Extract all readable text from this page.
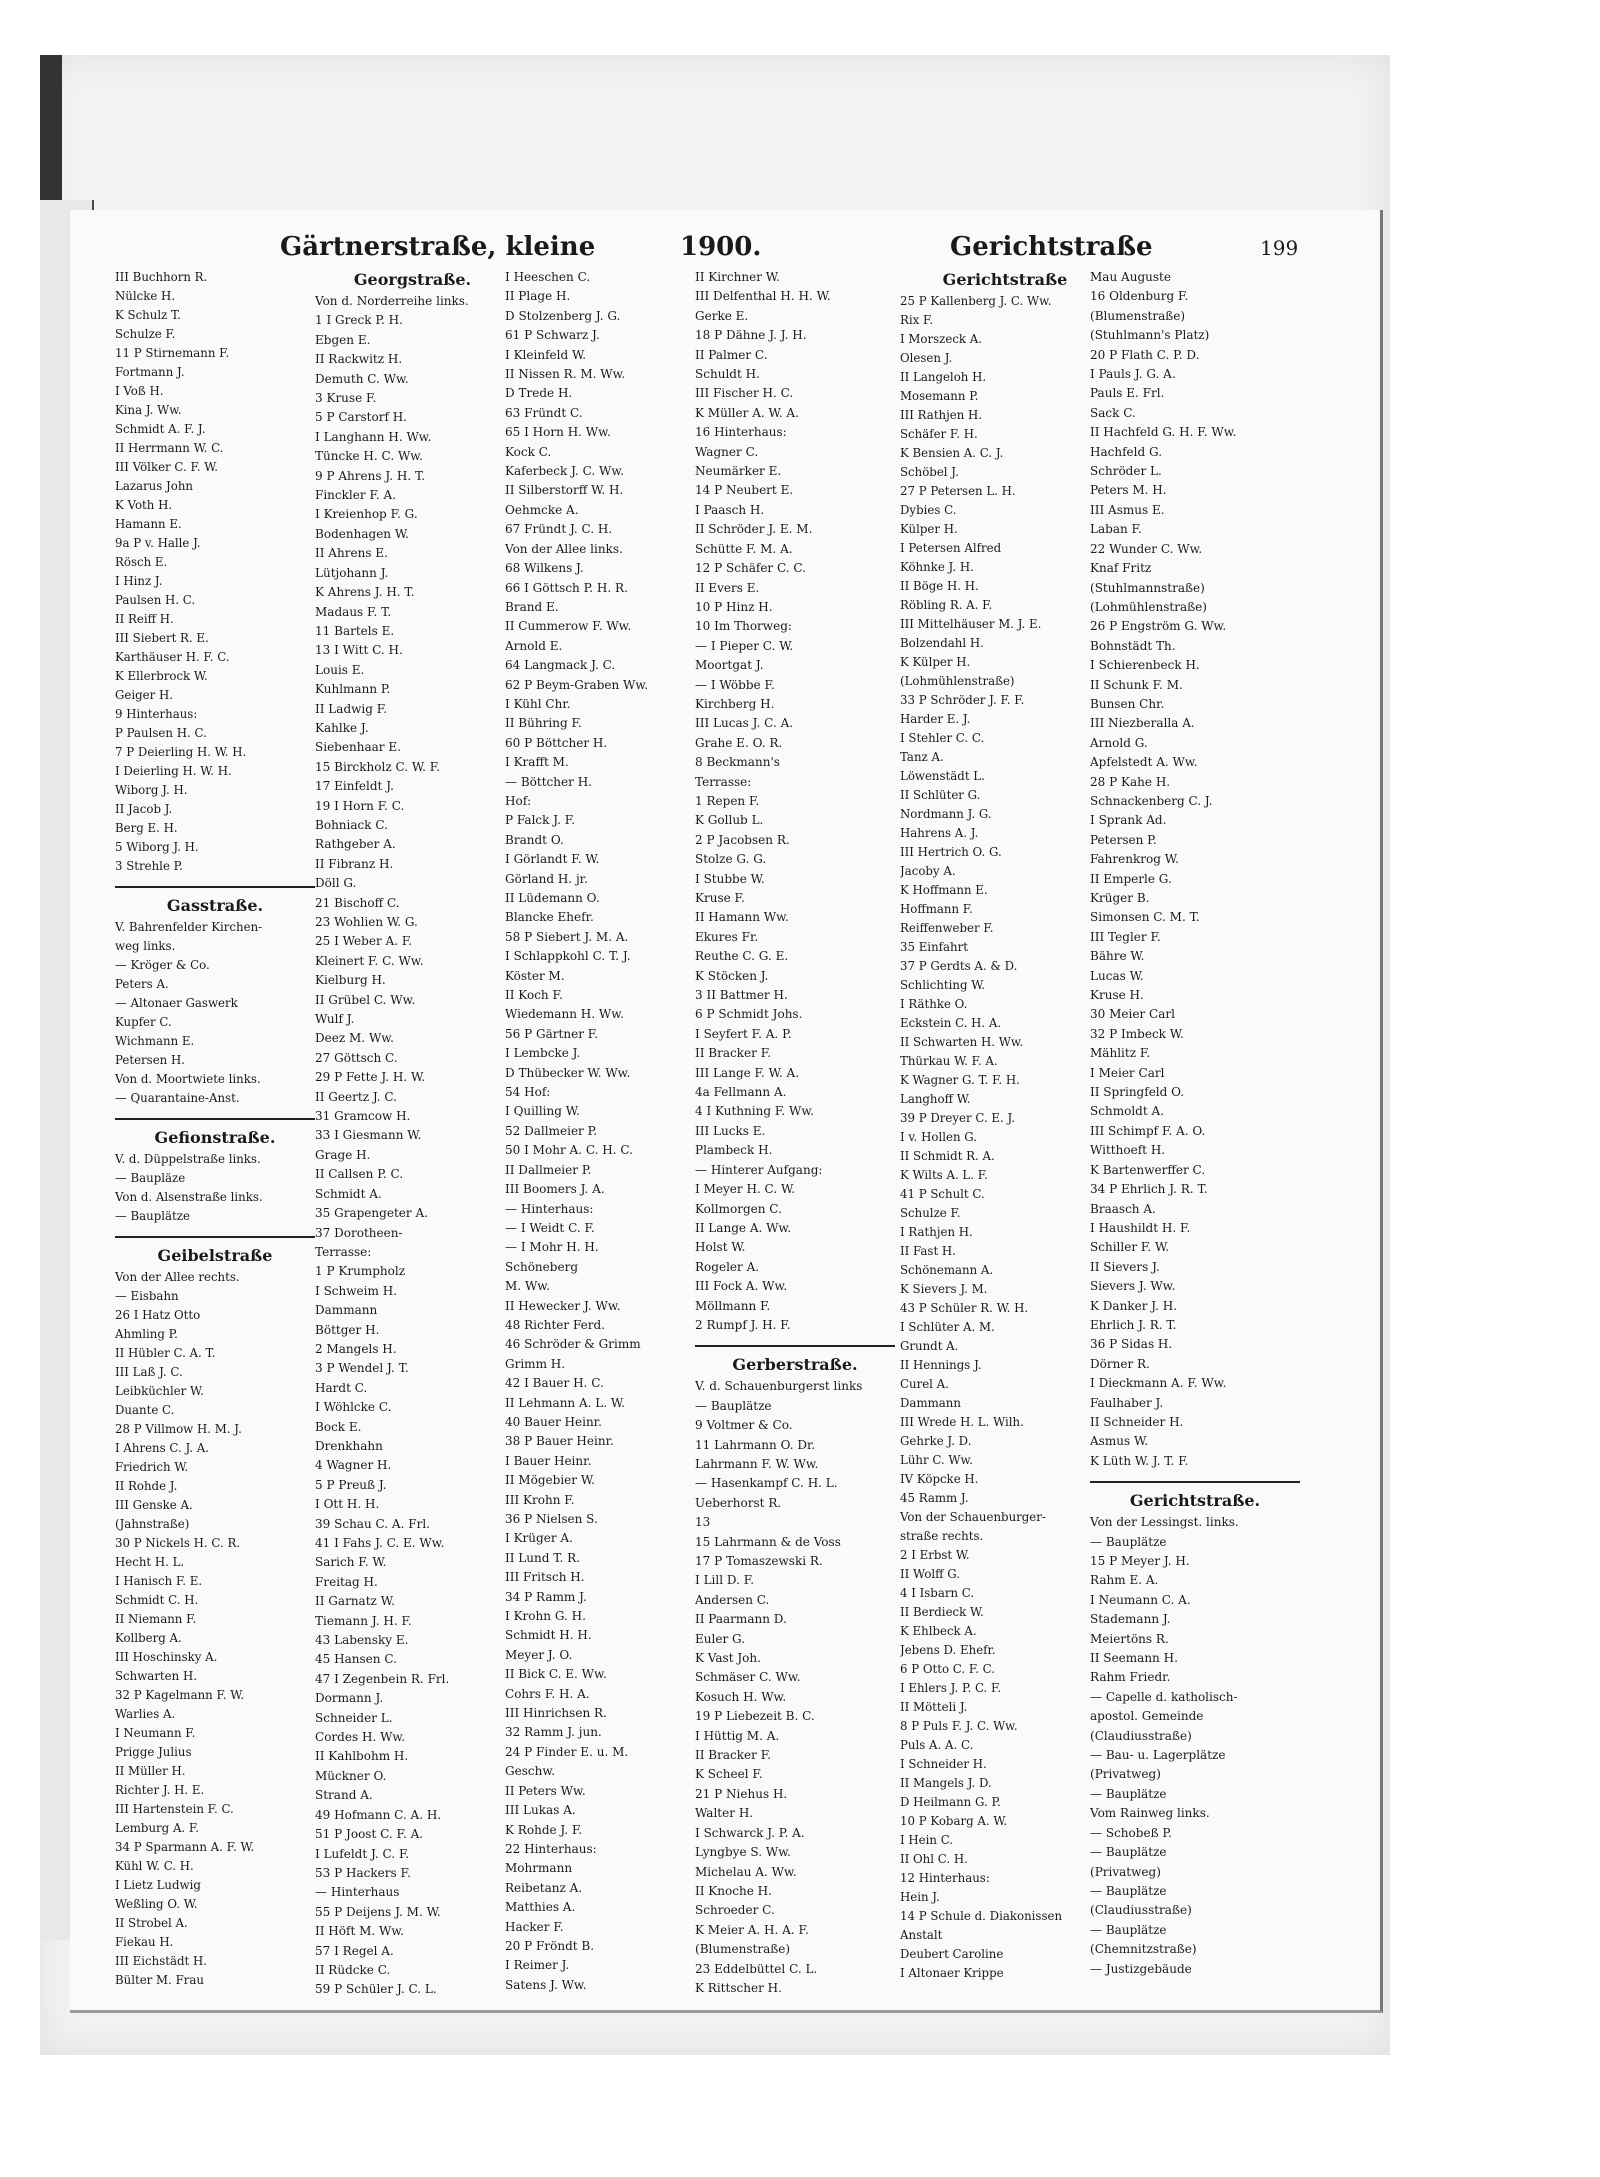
Gärtnerstraße, kleine	1900.	Gerichtstraße	199
III Buchhorn R.
Nülcke H.
K Schulz T.
Schulze F.
11 P Stirnemann F.
Fortmann J.
I Voß H.
Kina J. Ww.
Schmidt A. F. J.
II Herrmann W. C.
III Völker C. F. W.
Lazarus John
K Voth H.
Hamann E.
9a P v. Halle J.
Rösch E.
I Hinz J.
Paulsen H. C.
II Reiff H.
III Siebert R. E.
Karthäuser H. F. C.
K Ellerbrock W.
Geiger H.
9 Hinterhaus:
P Paulsen H. C.
7 P Deierling H. W. H.
I Deierling H. W. H.
Wiborg J. H.
II Jacob J.
Berg E. H.
5 Wiborg J. H.
3 Strehle P.
Gasstraße.
V. Bahrenfelder Kirchen-
weg links.
— Kröger & Co.
Peters A.
— Altonaer Gaswerk
Kupfer C.
Wichmann E.
Petersen H.
Von d. Moortwiete links.
— Quarantaine-Anst.
Gefionstraße.
V. d. Düppelstraße links.
— Baupläze
Von d. Alsenstraße links.
— Bauplätze
Geibelstraße
Von der Allee rechts.
— Eisbahn
26 I Hatz Otto
Ahmling P.
II Hübler C. A. T.
III Laß J. C.
Leibküchler W.
Duante C.
28 P Villmow H. M. J.
I Ahrens C. J. A.
Friedrich W.
II Rohde J.
III Genske A.
(Jahnstraße)
30 P Nickels H. C. R.
Hecht H. L.
I Hanisch F. E.
Schmidt C. H.
II Niemann F.
Kollberg A.
III Hoschinsky A.
Schwarten H.
32 P Kagelmann F. W.
Warlies A.
I Neumann F.
Prigge Julius
II Müller H.
Richter J. H. E.
III Hartenstein F. C.
Lemburg A. F.
34 P Sparmann A. F. W.
Kühl W. C. H.
I Lietz Ludwig
Weßling O. W.
II Strobel A.
Fiekau H.
III Eichstädt H.
Bülter M. Frau
Georgstraße.
Von d. Norderreihe links.
1 I Greck P. H.
Ebgen E.
II Rackwitz H.
Demuth C. Ww.
3 Kruse F.
5 P Carstorf H.
I Langhann H. Ww.
Tüncke H. C. Ww.
9 P Ahrens J. H. T.
Finckler F. A.
I Kreienhop F. G.
Bodenhagen W.
II Ahrens E.
Lütjohann J.
K Ahrens J. H. T.
Madaus F. T.
11 Bartels E.
13 I Witt C. H.
Louis E.
Kuhlmann P.
II Ladwig F.
Kahlke J.
Siebenhaar E.
15 Birckholz C. W. F.
17 Einfeldt J.
19 I Horn F. C.
Bohniack C.
Rathgeber A.
II Fibranz H.
Döll G.
21 Bischoff C.
23 Wohlien W. G.
25 I Weber A. F.
Kleinert F. C. Ww.
Kielburg H.
II Grübel C. Ww.
Wulf J.
Deez M. Ww.
27 Göttsch C.
29 P Fette J. H. W.
II Geertz J. C.
31 Gramcow H.
33 I Giesmann W.
Grage H.
II Callsen P. C.
Schmidt A.
35 Grapengeter A.
37 Dorotheen-
Terrasse:
1 P Krumpholz
I Schweim H.
Dammann
Böttger H.
2 Mangels H.
3 P Wendel J. T.
Hardt C.
I Wöhlcke C.
Bock E.
Drenkhahn
4 Wagner H.
5 P Preuß J.
I Ott H. H.
39 Schau C. A. Frl.
41 I Fahs J. C. E. Ww.
Sarich F. W.
Freitag H.
II Garnatz W.
Tiemann J. H. F.
43 Labensky E.
45 Hansen C.
47 I Zegenbein R. Frl.
Dormann J.
Schneider L.
Cordes H. Ww.
II Kahlbohm H.
Mückner O.
Strand A.
49 Hofmann C. A. H.
51 P Joost C. F. A.
I Lufeldt J. C. F.
53 P Hackers F.
— Hinterhaus
55 P Deijens J. M. W.
II Höft M. Ww.
57 I Regel A.
II Rüdcke C.
59 P Schüler J. C. L.
I Heeschen C.
II Plage H.
D Stolzenberg J. G.
61 P Schwarz J.
I Kleinfeld W.
II Nissen R. M. Ww.
D Trede H.
63 Fründt C.
65 I Horn H. Ww.
Kock C.
Kaferbeck J. C. Ww.
II Silberstorff W. H.
Oehmcke A.
67 Fründt J. C. H.
Von der Allee links.
68 Wilkens J.
66 I Göttsch P. H. R.
Brand E.
II Cummerow F. Ww.
Arnold E.
64 Langmack J. C.
62 P Beym-Graben Ww.
I Kühl Chr.
II Bühring F.
60 P Böttcher H.
I Krafft M.
— Böttcher H.
Hof:
P Falck J. F.
Brandt O.
I Görlandt F. W.
Görland H. jr.
II Lüdemann O.
Blancke Ehefr.
58 P Siebert J. M. A.
I Schlappkohl C. T. J.
Köster M.
II Koch F.
Wiedemann H. Ww.
56 P Gärtner F.
I Lembcke J.
D Thübecker W. Ww.
54 Hof:
I Quilling W.
52 Dallmeier P.
50 I Mohr A. C. H. C.
II Dallmeier P.
III Boomers J. A.
— Hinterhaus:
— I Weidt C. F.
— I Mohr H. H.
Schöneberg
M. Ww.
II Hewecker J. Ww.
48 Richter Ferd.
46 Schröder & Grimm
Grimm H.
42 I Bauer H. C.
II Lehmann A. L. W.
40 Bauer Heinr.
38 P Bauer Heinr.
I Bauer Heinr.
II Mögebier W.
III Krohn F.
36 P Nielsen S.
I Krüger A.
II Lund T. R.
III Fritsch H.
34 P Ramm J.
I Krohn G. H.
Schmidt H. H.
Meyer J. O.
II Bick C. E. Ww.
Cohrs F. H. A.
III Hinrichsen R.
32 Ramm J. jun.
24 P Finder E. u. M.
Geschw.
II Peters Ww.
III Lukas A.
K Rohde J. F.
22 Hinterhaus:
Mohrmann
Reibetanz A.
Matthies A.
Hacker F.
20 P Fröndt B.
I Reimer J.
Satens J. Ww.
II Kirchner W.
III Delfenthal H. H. W.
Gerke E.
18 P Dähne J. J. H.
II Palmer C.
Schuldt H.
III Fischer H. C.
K Müller A. W. A.
16 Hinterhaus:
Wagner C.
Neumärker E.
14 P Neubert E.
I Paasch H.
II Schröder J. E. M.
Schütte F. M. A.
12 P Schäfer C. C.
II Evers E.
10 P Hinz H.
10 Im Thorweg:
— I Pieper C. W.
Moortgat J.
— I Wöbbe F.
Kirchberg H.
III Lucas J. C. A.
Grahe E. O. R.
8 Beckmann's
Terrasse:
1 Repen F.
K Gollub L.
2 P Jacobsen R.
Stolze G. G.
I Stubbe W.
Kruse F.
II Hamann Ww.
Ekures Fr.
Reuthe C. G. E.
K Stöcken J.
3 II Battmer H.
6 P Schmidt Johs.
I Seyfert F. A. P.
II Bracker F.
III Lange F. W. A.
4a Fellmann A.
4 I Kuthning F. Ww.
III Lucks E.
Plambeck H.
— Hinterer Aufgang:
I Meyer H. C. W.
Kollmorgen C.
II Lange A. Ww.
Holst W.
Rogeler A.
III Fock A. Ww.
Möllmann F.
2 Rumpf J. H. F.
Gerberstraße.
V. d. Schauenburgerst links
— Bauplätze
9 Voltmer & Co.
11 Lahrmann O. Dr.
Lahrmann F. W. Ww.
— Hasenkampf C. H. L.
Ueberhorst R.
13
15 Lahrmann & de Voss
17 P Tomaszewski R.
I Lill D. F.
Andersen C.
II Paarmann D.
Euler G.
K Vast Joh.
Schmäser C. Ww.
Kosuch H. Ww.
19 P Liebezeit B. C.
I Hüttig M. A.
II Bracker F.
K Scheel F.
21 P Niehus H.
Walter H.
I Schwarck J. P. A.
Lyngbye S. Ww.
Michelau A. Ww.
II Knoche H.
Schroeder C.
K Meier A. H. A. F.
(Blumenstraße)
23 Eddelbüttel C. L.
K Rittscher H.
Gerichtstraße
25 P Kallenberg J. C. Ww.
Rix F.
I Morszeck A.
Olesen J.
II Langeloh H.
Mosemann P.
III Rathjen H.
Schäfer F. H.
K Bensien A. C. J.
Schöbel J.
27 P Petersen L. H.
Dybies C.
Külper H.
I Petersen Alfred
Köhnke J. H.
II Böge H. H.
Röbling R. A. F.
III Mittelhäuser M. J. E.
Bolzendahl H.
K Külper H.
(Lohmühlenstraße)
33 P Schröder J. F. F.
Harder E. J.
I Stehler C. C.
Tanz A.
Löwenstädt L.
II Schlüter G.
Nordmann J. G.
Hahrens A. J.
III Hertrich O. G.
Jacoby A.
K Hoffmann E.
Hoffmann F.
Reiffenweber F.
35 Einfahrt
37 P Gerdts A. & D.
Schlichting W.
I Räthke O.
Eckstein C. H. A.
II Schwarten H. Ww.
Thürkau W. F. A.
K Wagner G. T. F. H.
Langhoff W.
39 P Dreyer C. E. J.
I v. Hollen G.
II Schmidt R. A.
K Wilts A. L. F.
41 P Schult C.
Schulze F.
I Rathjen H.
II Fast H.
Schönemann A.
K Sievers J. M.
43 P Schüler R. W. H.
I Schlüter A. M.
Grundt A.
II Hennings J.
Curel A.
Dammann
III Wrede H. L. Wilh.
Gehrke J. D.
Lühr C. Ww.
IV Köpcke H.
45 Ramm J.
Von der Schauenburger-
straße rechts.
2 I Erbst W.
II Wolff G.
4 I Isbarn C.
II Berdieck W.
K Ehlbeck A.
Jebens D. Ehefr.
6 P Otto C. F. C.
I Ehlers J. P. C. F.
II Mötteli J.
8 P Puls F. J. C. Ww.
Puls A. A. C.
I Schneider H.
II Mangels J. D.
D Heilmann G. P.
10 P Kobarg A. W.
I Hein C.
II Ohl C. H.
12 Hinterhaus:
Hein J.
14 P Schule d. Diakonissen
Anstalt
Deubert Caroline
I Altonaer Krippe
Mau Auguste
16 Oldenburg F.
(Blumenstraße)
(Stuhlmann's Platz)
20 P Flath C. P. D.
I Pauls J. G. A.
Pauls E. Frl.
Sack C.
II Hachfeld G. H. F. Ww.
Hachfeld G.
Schröder L.
Peters M. H.
III Asmus E.
Laban F.
22 Wunder C. Ww.
Knaf Fritz
(Stuhlmannstraße)
(Lohmühlenstraße)
26 P Engström G. Ww.
Bohnstädt Th.
I Schierenbeck H.
II Schunk F. M.
Bunsen Chr.
III Niezberalla A.
Arnold G.
Apfelstedt A. Ww.
28 P Kahe H.
Schnackenberg C. J.
I Sprank Ad.
Petersen P.
Fahrenkrog W.
II Emperle G.
Krüger B.
Simonsen C. M. T.
III Tegler F.
Bähre W.
Lucas W.
Kruse H.
30 Meier Carl
32 P Imbeck W.
Mählitz F.
I Meier Carl
II Springfeld O.
Schmoldt A.
III Schimpf F. A. O.
Witthoeft H.
K Bartenwerffer C.
34 P Ehrlich J. R. T.
Braasch A.
I Haushildt H. F.
Schiller F. W.
II Sievers J.
Sievers J. Ww.
K Danker J. H.
Ehrlich J. R. T.
36 P Sidas H.
Dörner R.
I Dieckmann A. F. Ww.
Faulhaber J.
II Schneider H.
Asmus W.
K Lüth W. J. T. F.
Gerichtstraße.
Von der Lessingst. links.
— Bauplätze
15 P Meyer J. H.
Rahm E. A.
I Neumann C. A.
Stademann J.
Meiertöns R.
II Seemann H.
Rahm Friedr.
— Capelle d. katholisch-
apostol. Gemeinde
(Claudiusstraße)
— Bau- u. Lagerplätze
(Privatweg)
— Bauplätze
Vom Rainweg links.
— Schobeß P.
— Bauplätze
(Privatweg)
— Bauplätze
(Claudiusstraße)
— Bauplätze
(Chemnitzstraße)
— Justizgebäude
